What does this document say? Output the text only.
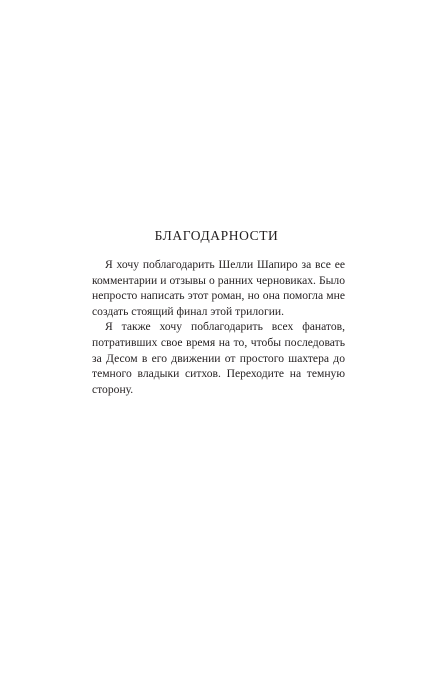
БЛАГОДАРНОСТИ

Я хочу поблагодарить Шелли Шапиро за все ее комментарии и отзывы о ранних черновиках. Было непросто написать этот роман, но она помогла мне создать стоящий финал этой трилогии.

Я также хочу поблагодарить всех фанатов, потративших свое время на то, чтобы последовать за Десом в его движении от простого шахтера до темного владыки ситхов. Переходите на темную сторону.
